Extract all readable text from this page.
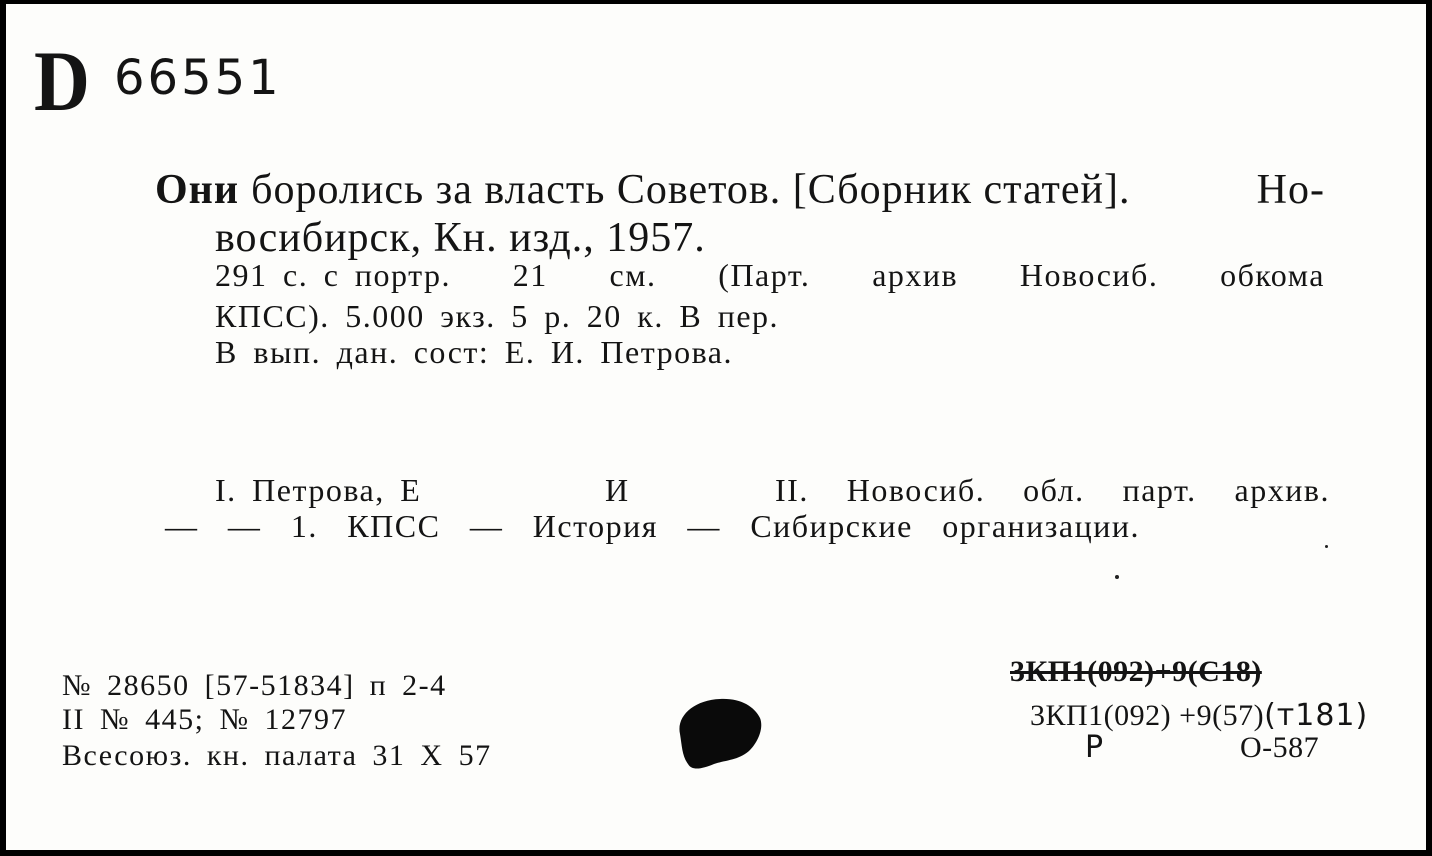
D 66551
Они боролись за власть Советов. [Сборник статей].	Но-
восибирск, Кн. изд., 1957.
291 с. с портр. 21 см. (Парт. архив Новосиб. обкома
КПСС). 5.000 экз. 5 р. 20 к. В пер.
В вып. дан. сост: Е. И. Петрова.
I. Петрова, Е	И	II. Новосиб. обл. парт. архив.
— — 1. КПСС — История — Сибирские организации.
№ 28650 [57-51834] п 2-4
II № 445; № 12797
Всесоюз. кн. палата 31 X 57
3КП1(092)+9(С18)
3КП1(092) +9(57)(т181)
Р	О-587
